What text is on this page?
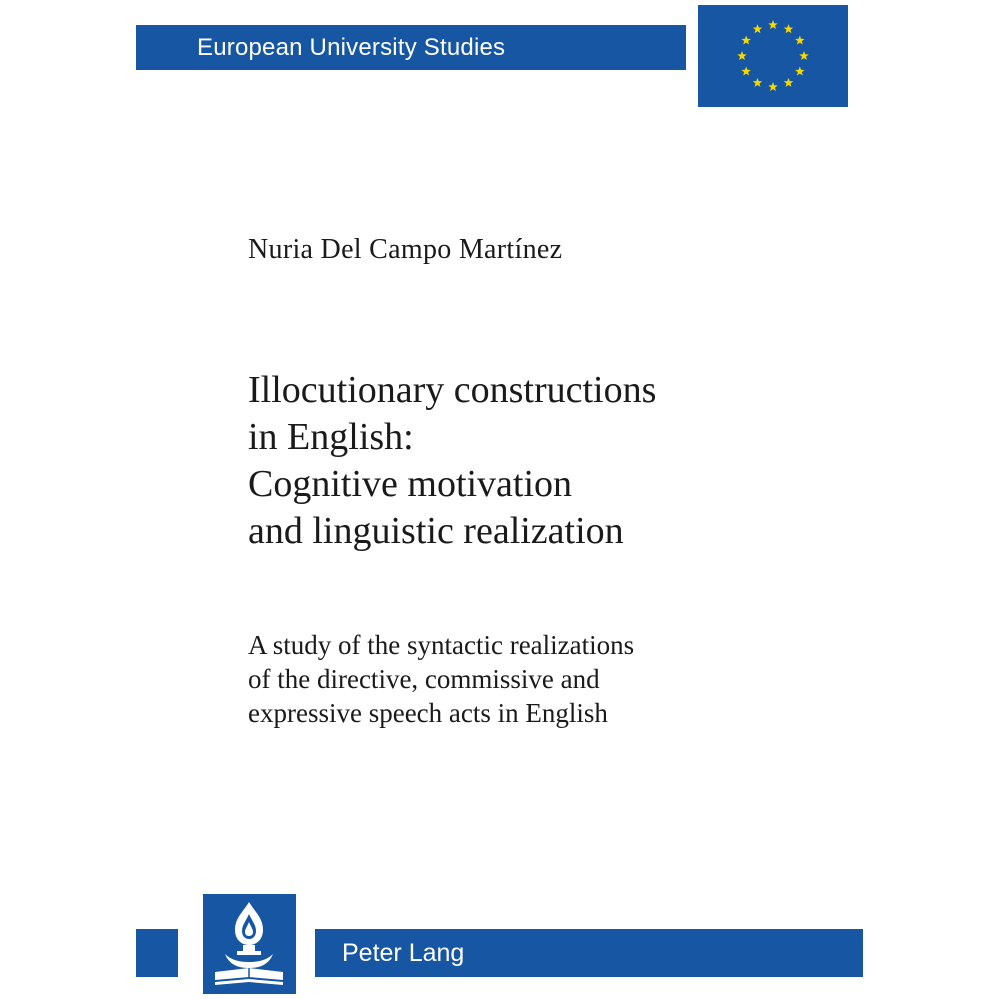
European University Studies
Nuria Del Campo Martínez
Illocutionary constructions
in English:
Cognitive motivation
and linguistic realization
A study of the syntactic realizations
of the directive, commissive and
expressive speech acts in English
Peter Lang
